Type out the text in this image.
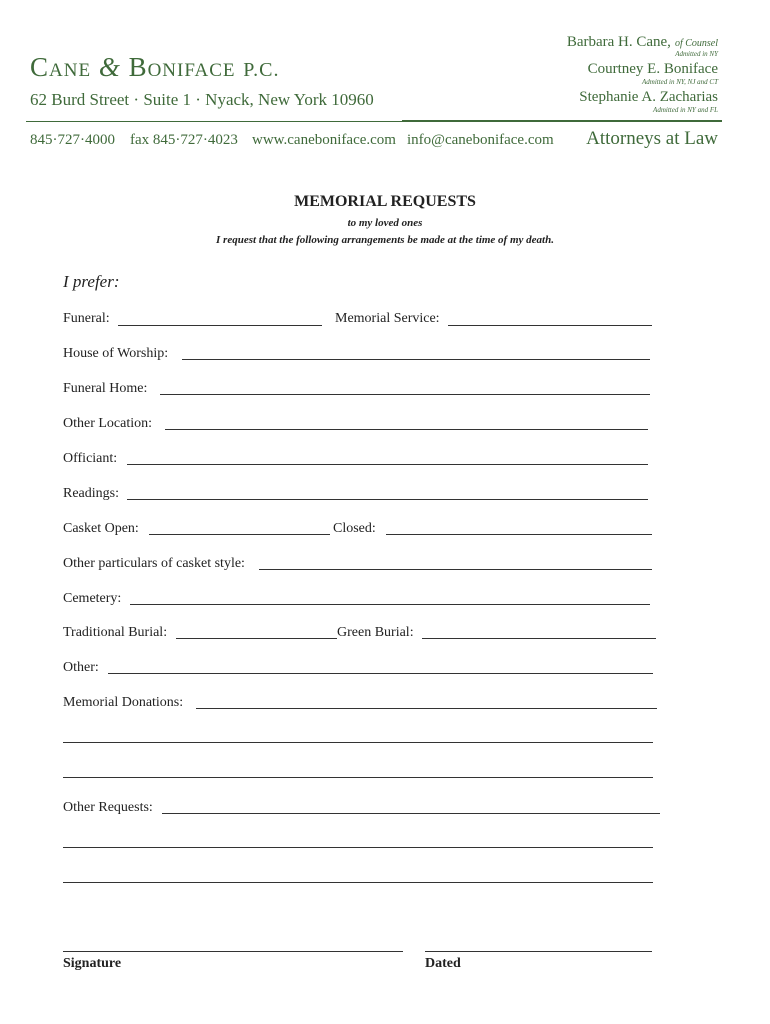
Cane & Boniface P.C.
62 Burd Street · Suite 1 · Nyack, New York 10960
845·727·4000 fax 845·727·4023 www.caneboniface.com info@caneboniface.com
Barbara H. Cane, of Counsel
Admitted in NY
Courtney E. Boniface
Admitted in NY, NJ and CT
Stephanie A. Zacharias
Admitted in NY and FL
Attorneys at Law
MEMORIAL REQUESTS
to my loved ones
I request that the following arrangements be made at the time of my death.
I prefer:
Funeral:	Memorial Service:
House of Worship:
Funeral Home:
Other Location:
Officiant:
Readings:
Casket Open:	Closed:
Other particulars of casket style:
Cemetery:
Traditional Burial:	Green Burial:
Other:
Memorial Donations:
Other Requests:
Signature	Dated
